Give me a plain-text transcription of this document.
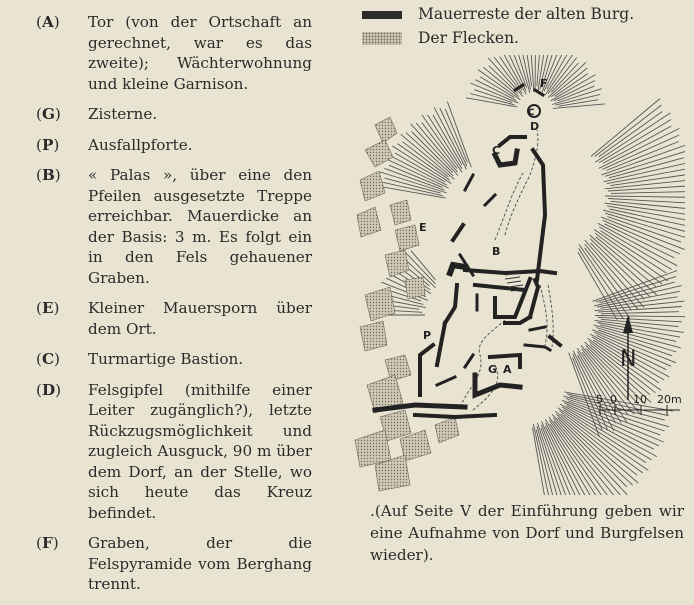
(A) Tor (von der Ortschaft an gerechnet, war es das zweite); Wächterwohnung und kleine Garnison.
(G) Zisterne.
(P) Ausfallpforte.
(B) « Palas », über eine den Pfeilen ausgesetzte Treppe erreichbar. Mauerdicke an der Basis: 3 m. Es folgt ein in den Fels gehauener Graben.
(E) Kleiner Mauersporn über dem Ort.
(C) Turmartige Bastion.
(D) Felsgipfel (mithilfe einer Leiter zugänglich?), letzte Rückzugsmöglichkeit und zugleich Ausguck, 90 m über dem Dorf, an der Stelle, wo sich heute das Kreuz befindet.
(F) Graben, der die Felspyramide vom Berghang trennt.
Mauerreste der alten Burg.
Der Flecken.
F
C
D
C
E
B
P
G A	N
5 0 10 20m
.(Auf Seite V der Einführung geben wir eine Aufnahme von Dorf und Burgfelsen wieder).
